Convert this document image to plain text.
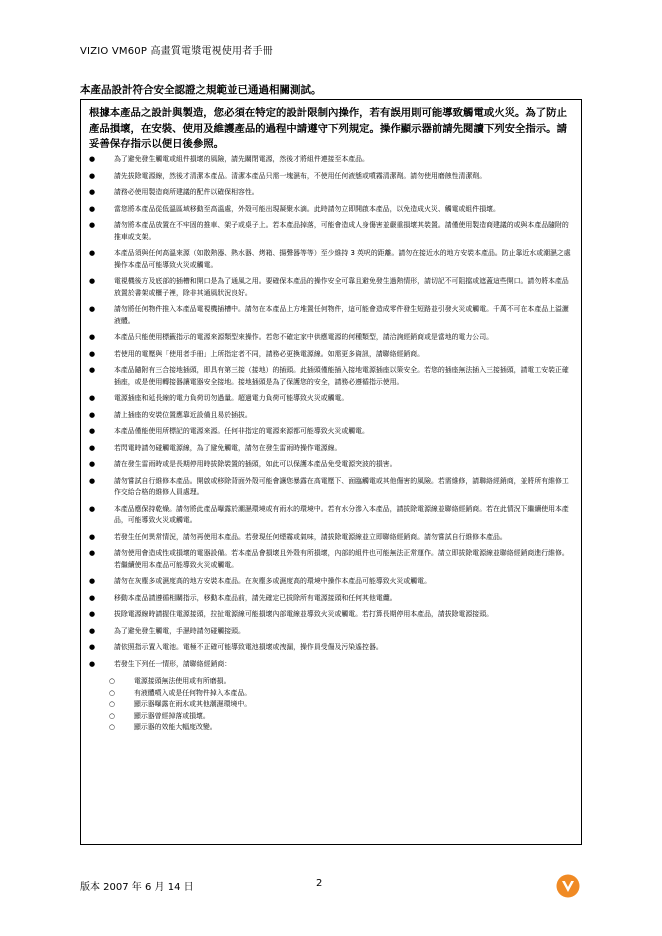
VIZIO VM60P 高畫質電漿電視使用者手冊
本產品設計符合安全認證之規範並已通過相關測試。
根據本產品之設計與製造，您必須在特定的設計限制內操作，若有誤用則可能導致觸電或火災。為了防止產品損壞，在安裝、使用及維護產品的過程中請遵守下列規定。操作顯示器前請先閱讀下列安全指示。請妥善保存指示以便日後參照。
●	為了避免發生觸電或組件損壞的風險，請先關閉電源，然後才將組件連接至本產品。
●	請先拔除電源線，然後才清潔本產品。清潔本產品只需一塊濕布，不使用任何液態或噴霧清潔劑。請勿使用磨蝕性清潔劑。
●	請務必使用製造商所建議的配件以確保相容性。
●	當您將本產品從低溫區域移動至高溫處，外殼可能出現凝聚水滴。此時請勿立即開啟本產品，以免造成火災、觸電或組件損壞。
●	請勿將本產品放置在不牢固的推車、架子或桌子上。若本產品掉落，可能會造成人身傷害並嚴重損壞其裝置。請僅使用製造商建議的或與本產品隨附的推車或支架。
●	本產品須與任何高溫來源（如散熱器、熱水器、烤箱、揚聲器等等）至少維持 3 英呎的距離。請勿在接近水的地方安裝本產品。防止靠近水或潮濕之處操作本產品可能導致火災或觸電。
●	電視機後方及底部的插槽和開口是為了通風之用。要確保本產品的操作安全可靠且避免發生過熱情形，請切記不可阻擋或遮蓋這些開口。請勿將本產品放置於書架或櫃子裡，除非其通風狀況良好。
●	請勿將任何物件推入本產品電視機插槽中。請勿在本產品上方堆置任何物件，這可能會造成零件發生短路並引發火災或觸電。千萬不可在本產品上溢灑液體。
●	本產品只能使用標籤指示的電源來源類型來操作。若您不確定家中供應電源的何種類型，請洽詢經銷商或是當地的電力公司。
●	若使用的電壓與「使用者手冊」上所指定者不同，請務必更換電源線。如需更多資訊，請聯絡經銷商。
●	本產品隨附有三合接地插頭，即具有第三接（接地）的插頭。此插頭僅能插入接地電源插座以策安全。若您的插座無法插入三接插頭，請電工安裝正確插座，或是使用轉接器讓電器安全接地。接地插頭是為了保護您的安全，請務必遵循指示使用。
●	電源插座和延長線的電力負荷切勿過量。超過電力負荷可能導致火災或觸電。
●	請上插座的安裝位置應靠近設備且易於插拔。
●	本產品僅能使用所標記的電源來源。任何非指定的電源來源都可能導致火災或觸電。
●	若閃電時請勿碰觸電源線，為了避免觸電，請勿在發生雷雨時操作電源線。
●	請在發生雷雨時或是長期停用時拔除裝置的插頭，如此可以保護本產品免受電源突波的損害。
●	請勿嘗試自行維修本產品。開啟或移除背面外殼可能會讓您暴露在高電壓下、面臨觸電或其他傷害的風險。若需維修，請聯絡經銷商，並將所有維修工作交給合格的維修人員處理。
●	本產品應保持乾燥。請勿將此產品曝露於潮濕環境或有雨水的環境中。若有水分滲入本產品，請拔除電源線並聯絡經銷商。若在此情況下繼續使用本產品，可能導致火災或觸電。
●	若發生任何異常情況，請勿再使用本產品。若發現任何煙霧或氣味，請拔除電源線並立即聯絡經銷商。請勿嘗試自行維修本產品。
●	請勿使用會造成性或損壞的電器設備。若本產品會損壞且外殼有所損壞，內部的組件也可能無法正常運作。請立即拔除電源線並聯絡經銷商進行維修。若繼續使用本產品可能導致火災或觸電。
●	請勿在灰塵多或濕度高的地方安裝本產品。在灰塵多或濕度高的環境中操作本產品可能導致火災或觸電。
●	移動本產品請遵循相關指示，移動本產品前，請先確定已拔除所有電源接頭和任何其他電纜。
●	拔除電源線時請握住電源接頭，拉扯電源線可能損壞內部電線並導致火災或觸電。若打算長期停用本產品，請拔除電源接頭。
●	為了避免發生觸電，手濕時請勿碰觸接頭。
●	請依照指示置入電池。電極不正確可能導致電池損壞或洩漏，操作員受傷及污染遙控器。
●	若發生下列任一情形，請聯絡經銷商：
○	電源接頭無法使用或有所磨損。
○	有液體噴入或是任何物件掉入本產品。
○	顯示器曝露在雨水或其他潮濕環境中。
○	顯示器曾經掉落或損壞。
○	顯示器的效能大幅度改變。
版本 2007 年 6 月 14 日	2
